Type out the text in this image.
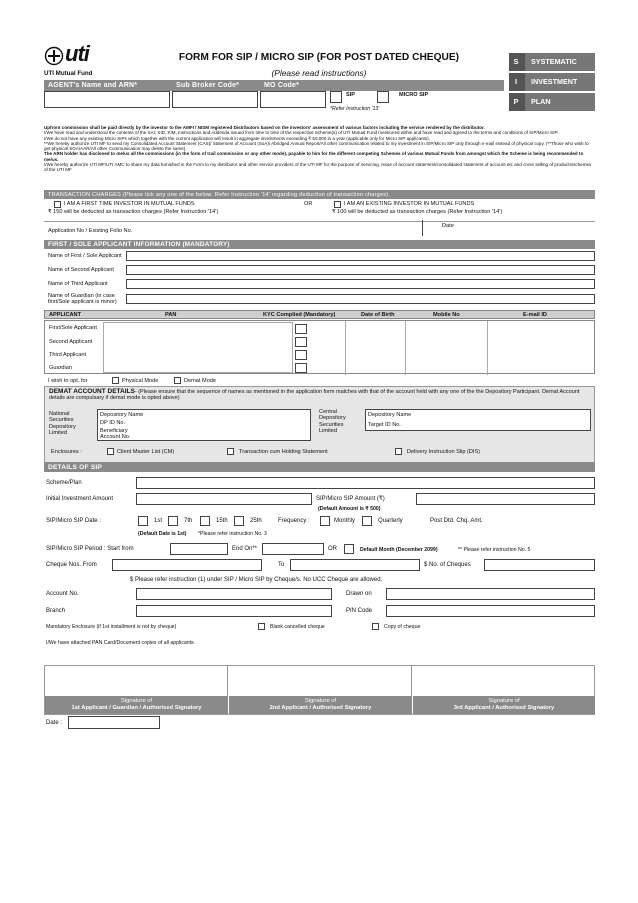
uti
UTI Mutual Fund
FORM FOR SIP / MICRO SIP (FOR POST DATED CHEQUE)
(Please read instructions)
S	SYSTEMATIC
I	INVESTMENT
P	PLAN
AGENT's Name and ARN*	Sub Broker Code*	MO Code*
SIP	MICRO SIP
*Refer Instruction '13'
Upfront commission shall be paid directly by the investor to the AMFI / NISM registered Distributors based on the investors' assessment of various factors including the service rendered by the distributor.
I/We have read and understood the contents of the SAI, SID, KIM, Instructions and Addenda issued from time to time of the respective Scheme(s) of UTI Mutual Fund mentioned within and have read and agreed to the terms and conditions of SIP/Micro SIP.
I/We do not have any existing Micro SIPs which together with the current application will result in aggregate investments exceeding ₹ 50,000 in a year (applicable only for Micro SIP applicants).
**We hereby authorize UTI MF to send my Consolidated Account Statement (CAS)/ Statement of Account (SoA)/ Abridged Annual Report/All other communication related to my investment in SIP/Micro SIP only through e-mail instead of physical copy. (**Those who wish to get physical SOA/AAR/All other Communication may delete the same).
The ARN holder has disclosed to me/us all the commissions (in the form of trail commission or any other mode), payable to him for the different competing Schemes of various Mutual Funds from amongst which the Scheme is being recommended to me/us.
I/We hereby authorize UTI MF/UTI AMC to share my data furnished in the Form to my distributor and other service providers of the UTI MF for the purpose of servicing, issue of account statement/consolidated statement of account etc and cross selling of products/schemes of the UTI MF
TRANSACTION CHARGES (Please tick any one of the below. Refer Instruction '14' regarding deduction of transaction charges)
I AM A FIRST TIME INVESTOR IN MUTUAL FUNDS
₹ 150 will be deducted as transaction charges (Refer Instruction '14')
OR	I AM AN EXISTING INVESTOR IN MUTUAL FUNDS
₹ 100 will be deducted as transaction charges (Refer Instruction '14')
Application No / Existing Folio No.
Date
FIRST / SOLE APPLICANT INFORMATION (MANDATORY)
Name of First / Sole Applicant
Name of Second Applicant
Name of Third Applicant
Name of Guardian (in case first/Sole applicant is minor)
APPLICANT	PAN	KYC Complied (Mandatory)	Date of Birth	Mobile No	E-mail ID
First/Sole Applicant
Second Applicant
Third Applicant
Guardian
I wish to opt. for	Physical Mode	Demat Mode
DEMAT ACCOUNT DETAILS- (Please ensure that the sequence of names as mentioned in the application form matches with that of the account held with any one of the the Depository Participant. Demat Account details are compulsary if demat mode is opted above)
National
Securities
Depository
Limited
Depository Name
DP ID No.
Beneficiary
Account No.
Central
Depository
Securities
Limited
Depository Name
Target ID No.
Enclosures :	Client Master List (CM)	Transaction cum Holding Statement	Delivery Instruction Slip (DIS)
DETAILS OF SIP
Scheme/Plan
Initial Investment Amount	SIP/Micro SIP Amount (₹)
(Default Amount is ₹ 500)
SIP/Micro SIP Date :	1st	7th	15th	25th	Frequency :	Monthly	Quarterly	Post Dtd. Chq. Amt.
(Default Date is 1st) *Please refer instruction No. 3
SIP/Micro SIP Period : Start from	End On**	OR	Default Month (December 2099)	** Please refer instruction No. 5
Cheque Nos. From	To	$ No. of Cheques
$ Please refer instruction (1) under SIP / Micro SIP by Cheque/s. No UCC Cheque are allowed.
Account No.	Drawn on
Branch	PIN Code
Mandatory Enclosure (if 1st installment is not by cheque)	Blank cancelled cheque	Copy of cheque
I/We have attached PAN Card/Document copies of all applicants.
Signature of
1st Applicant / Guardian / Authorised Signatory
Signature of
2nd Applicant / Authorised Signatory
Signature of
3rd Applicant / Authorised Signatory
Date :
